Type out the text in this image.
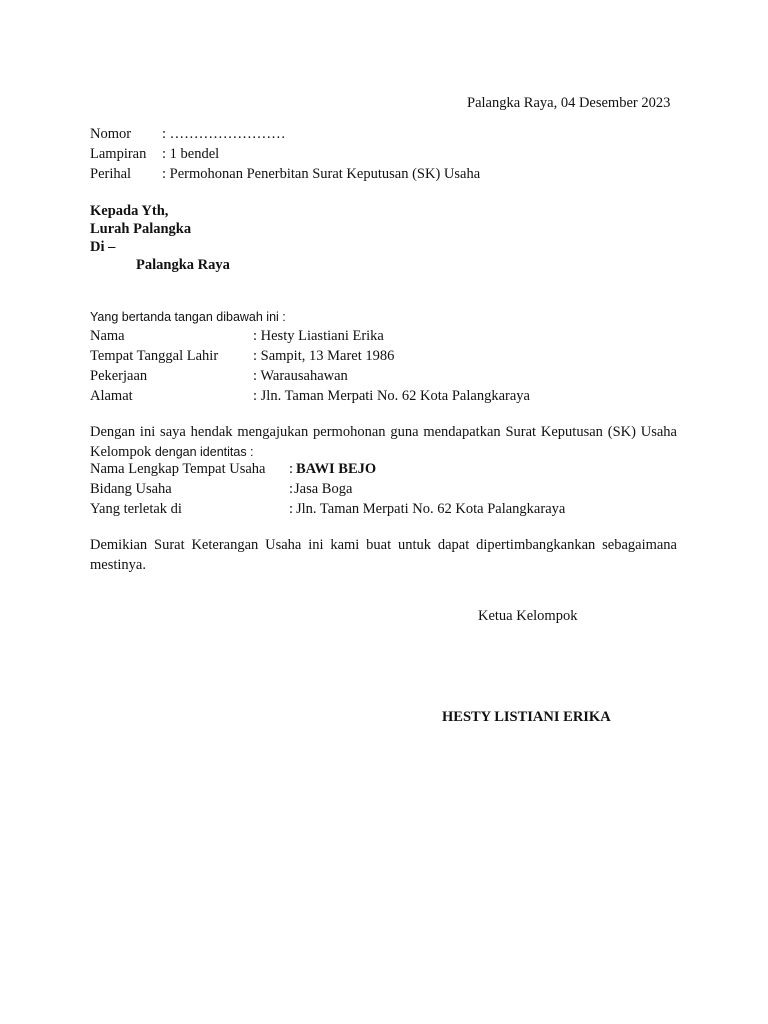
Palangka Raya, 04 Desember 2023
Nomor : ……………………
Lampiran : 1 bendel
Perihal : Permohonan Penerbitan Surat Keputusan (SK) Usaha
Kepada Yth,
Lurah Palangka
Di –
Palangka Raya
Yang bertanda tangan dibawah ini :
Nama	: Hesty Liastiani Erika
Tempat Tanggal Lahir : Sampit, 13 Maret 1986
Pekerjaan	: Warausahawan
Alamat	: Jln. Taman Merpati No. 62 Kota Palangkaraya
Dengan ini saya hendak mengajukan permohonan guna mendapatkan Surat Keputusan (SK) Usaha Kelompok dengan identitas :
Nama Lengkap Tempat Usaha : BAWI BEJO
Bidang Usaha	: Jasa Boga
Yang terletak di	: Jln. Taman Merpati No. 62 Kota Palangkaraya
Demikian Surat Keterangan Usaha ini kami buat untuk dapat dipertimbangkankan sebagaimana mestinya.
Ketua Kelompok
HESTY LISTIANI ERIKA
